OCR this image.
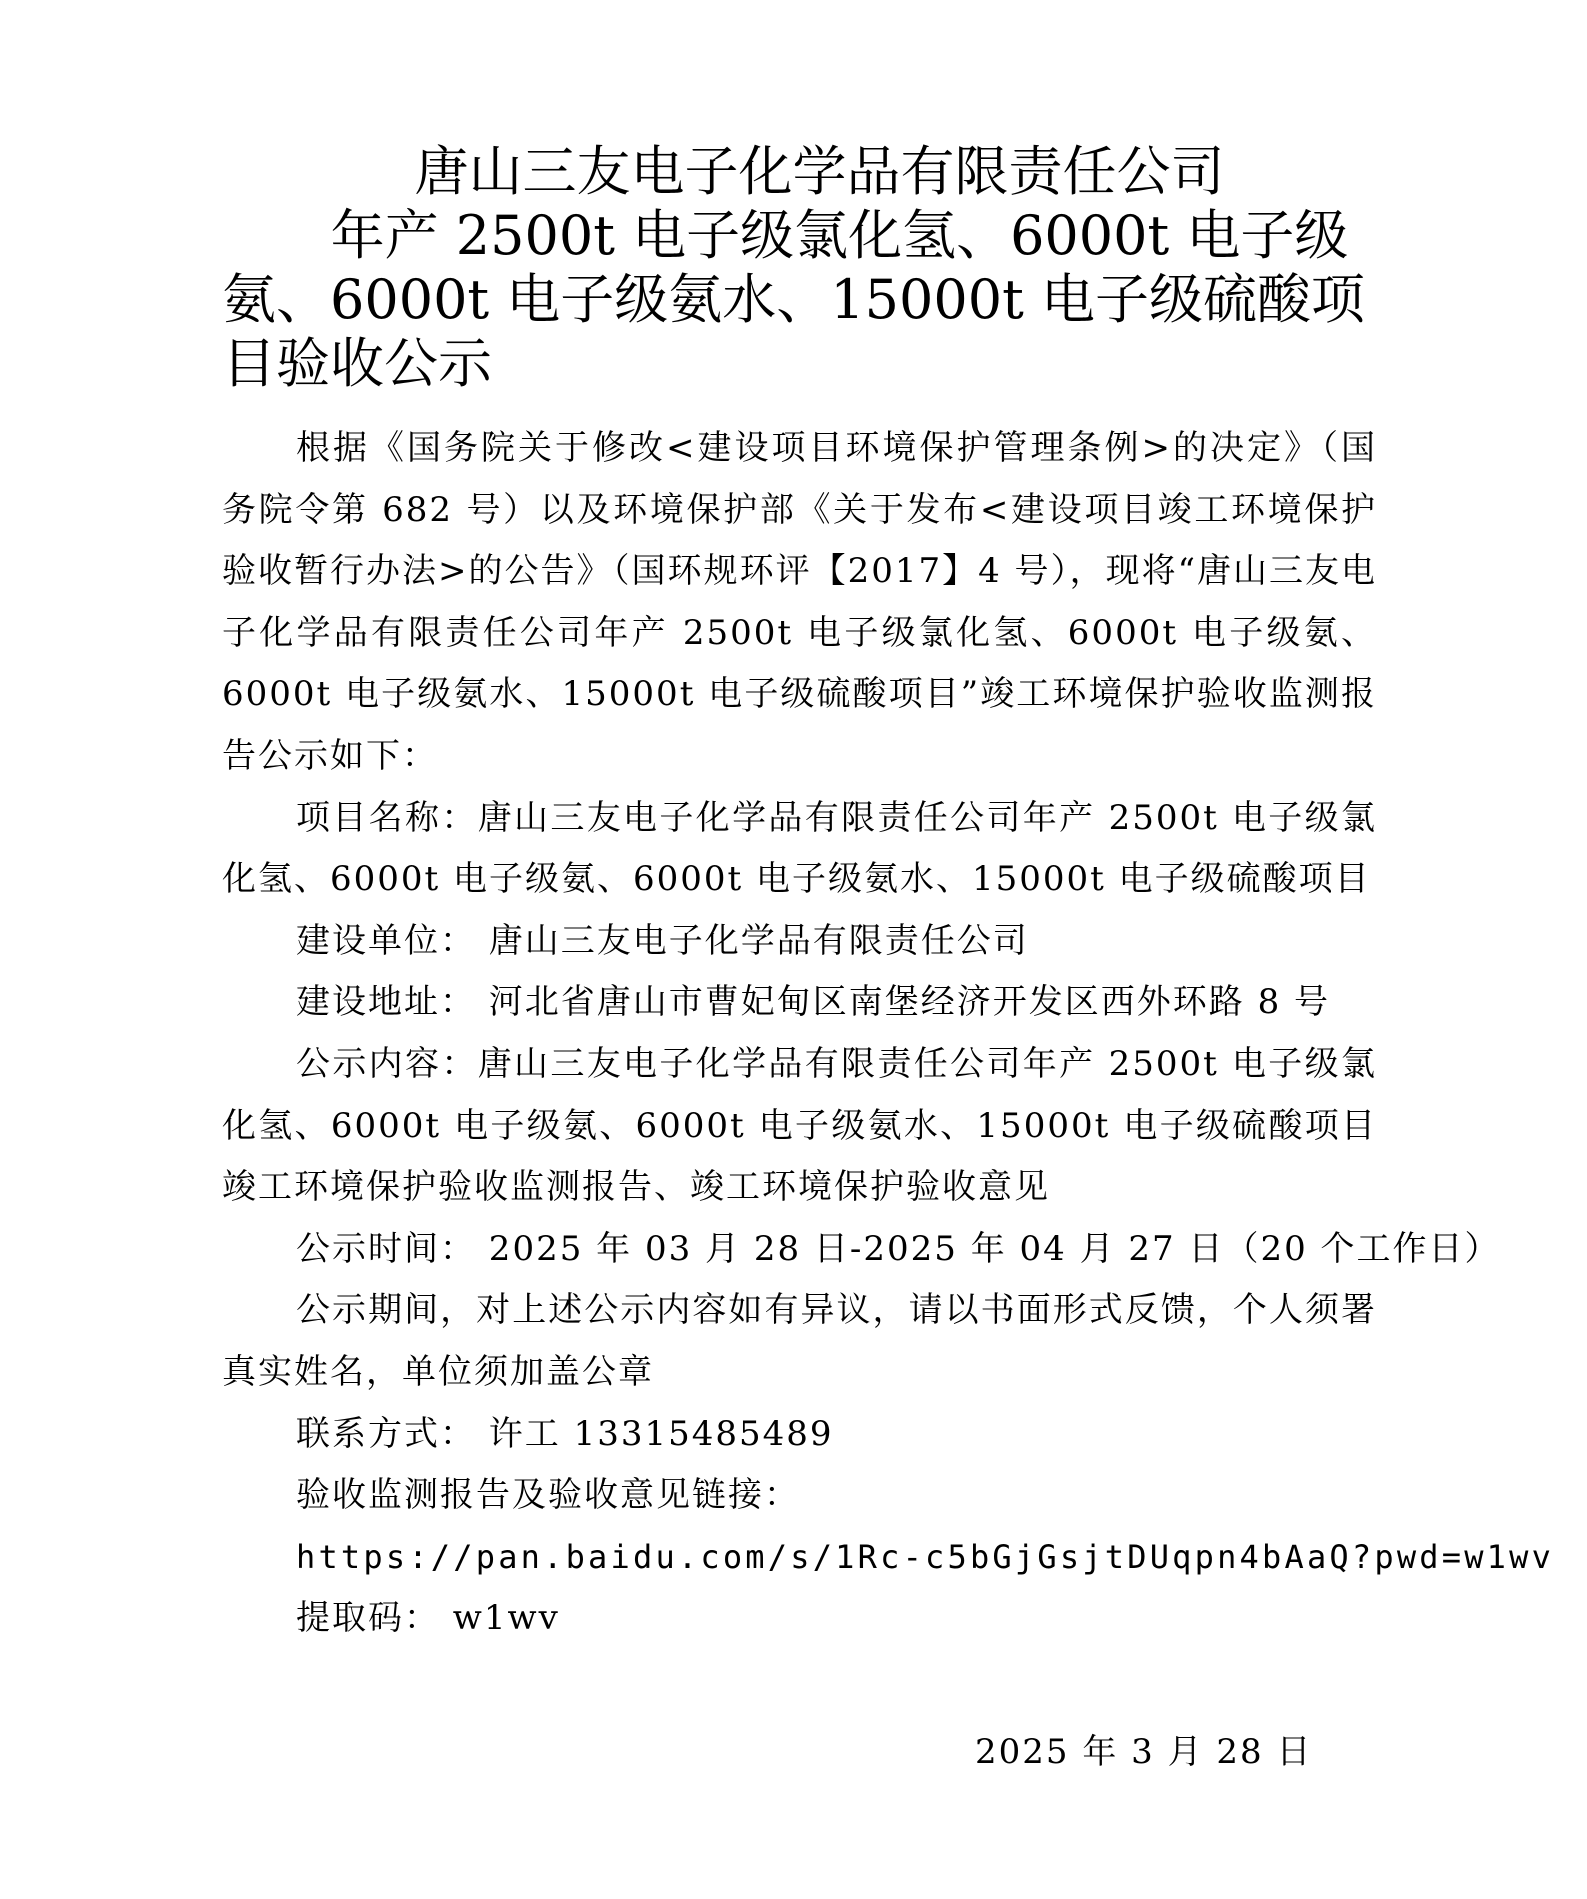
唐山三友电子化学品有限责任公司
年产 2500t 电子级氯化氢、6000t 电子级
氨、6000t 电子级氨水、15000t 电子级硫酸项目验收公示

根据《国务院关于修改<建设项目环境保护管理条例>的决定》（国务院令第 682 号）以及环境保护部《关于发布<建设项目竣工环境保护验收暂行办法>的公告》（国环规环评【2017】4 号），现将“唐山三友电子化学品有限责任公司年产 2500t 电子级氯化氢、6000t 电子级氨、6000t 电子级氨水、15000t 电子级硫酸项目”竣工环境保护验收监测报告公示如下：

项目名称：唐山三友电子化学品有限责任公司年产 2500t 电子级氯化氢、6000t 电子级氨、6000t 电子级氨水、15000t 电子级硫酸项目

建设单位： 唐山三友电子化学品有限责任公司

建设地址： 河北省唐山市曹妃甸区南堡经济开发区西外环路 8 号

公示内容：唐山三友电子化学品有限责任公司年产 2500t 电子级氯化氢、6000t 电子级氨、6000t 电子级氨水、15000t 电子级硫酸项目竣工环境保护验收监测报告、竣工环境保护验收意见

公示时间： 2025 年 03 月 28 日-2025 年 04 月 27 日（20 个工作日）

公示期间，对上述公示内容如有异议，请以书面形式反馈，个人须署真实姓名，单位须加盖公章

联系方式： 许工 13315485489

验收监测报告及验收意见链接：

https://pan.baidu.com/s/1Rc-c5bGjGsjtDUqpn4bAaQ?pwd=w1wv

提取码： w1wv

2025 年 3 月 28 日
